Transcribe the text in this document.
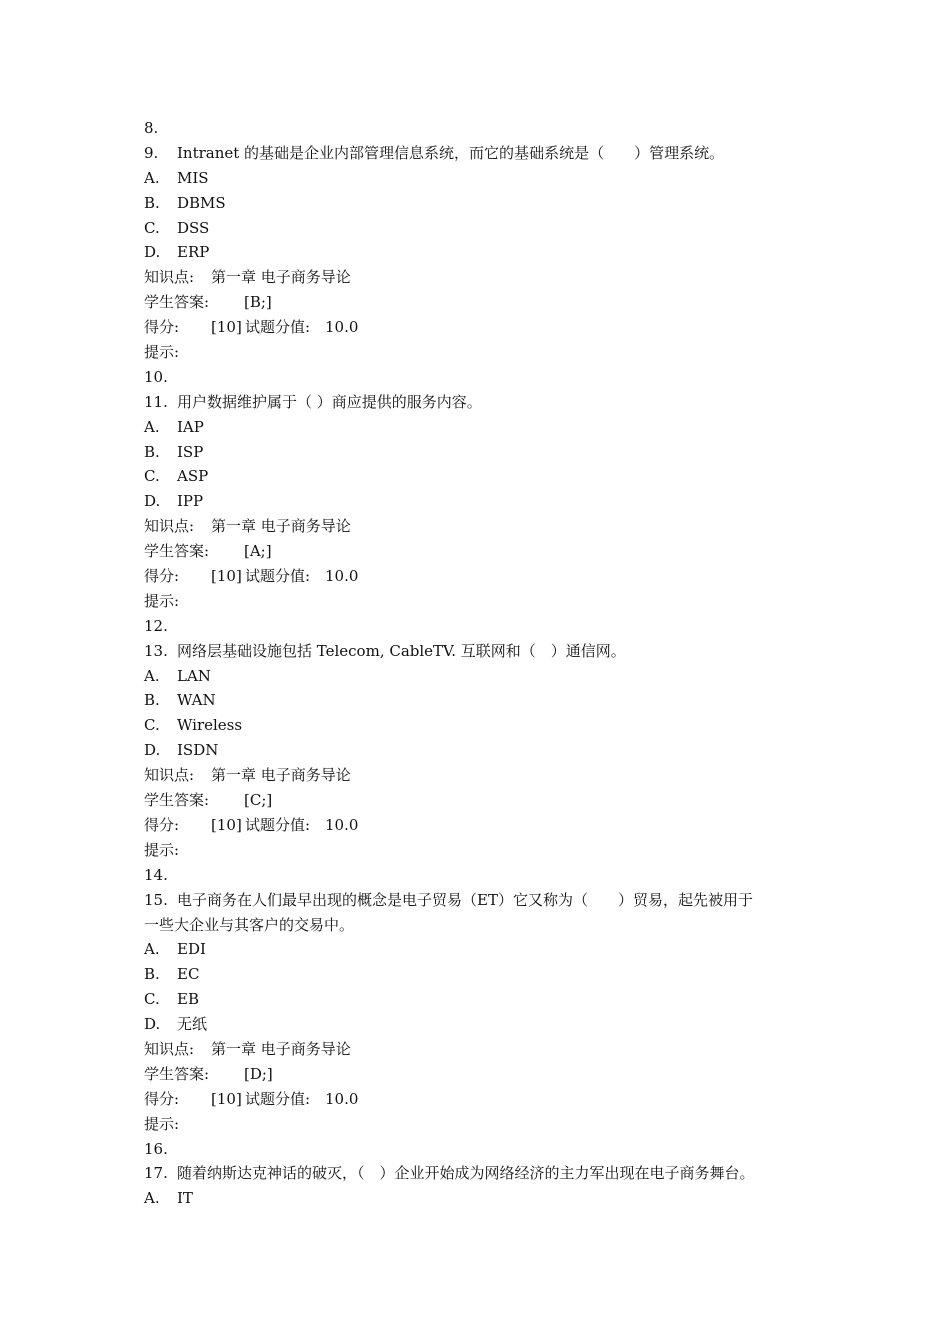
8.
9. Intranet 的基础是企业内部管理信息系统，而它的基础系统是（　　）管理系统。
A. MIS
B. DBMS
C. DSS
D. ERP
知识点: 第一章 电子商务导论
学生答案: [B;]
得分: [10] 试题分值: 10.0
提示:
10.
11. 用户数据维护属于（ ）商应提供的服务内容。
A. IAP
B. ISP
C. ASP
D. IPP
知识点: 第一章 电子商务导论
学生答案: [A;]
得分: [10] 试题分值: 10.0
提示:
12.
13. 网络层基础设施包括 Telecom, CableTV. 互联网和（　）通信网。
A. LAN
B. WAN
C. Wireless
D. ISDN
知识点: 第一章 电子商务导论
学生答案: [C;]
得分: [10] 试题分值: 10.0
提示:
14.
15. 电子商务在人们最早出现的概念是电子贸易（ET）它又称为（　　）贸易，起先被用于
一些大企业与其客户的交易中。
A. EDI
B. EC
C. EB
D. 无纸
知识点: 第一章 电子商务导论
学生答案: [D;]
得分: [10] 试题分值: 10.0
提示:
16.
17. 随着纳斯达克神话的破灭，（　）企业开始成为网络经济的主力军出现在电子商务舞台。
A. IT
